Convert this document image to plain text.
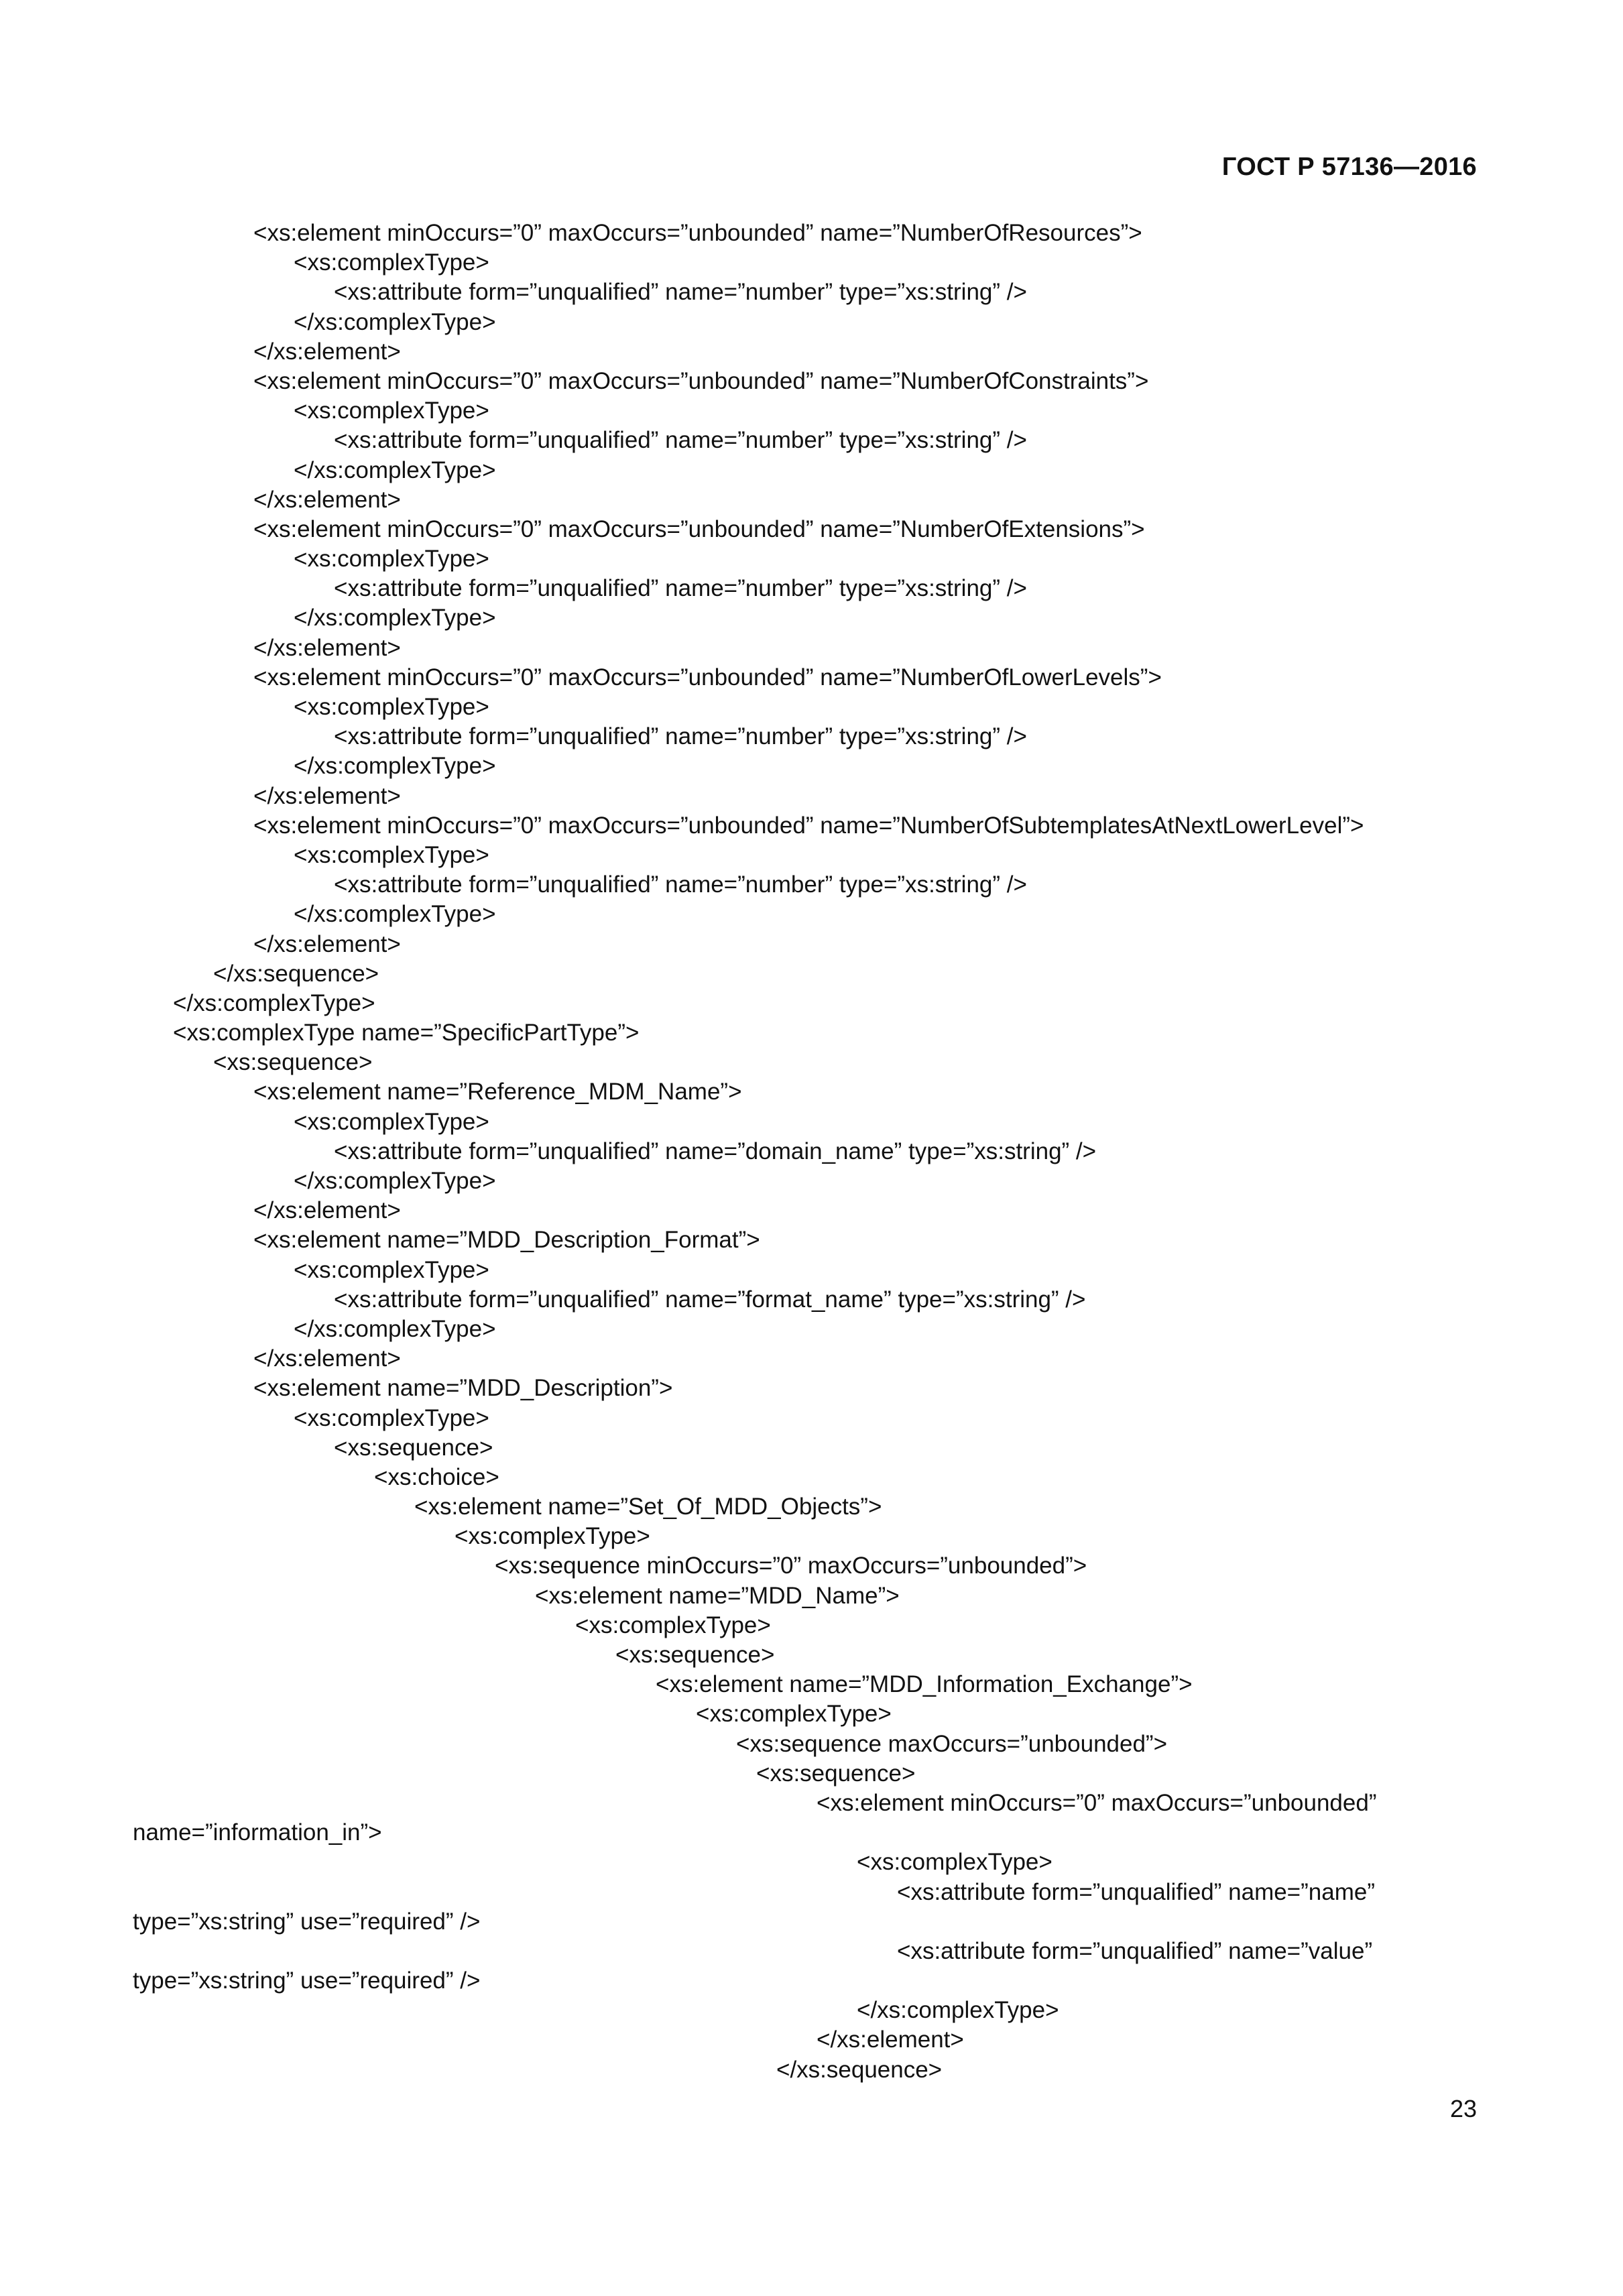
ГОСТ Р 57136—2016
<xs:element minOccurs=”0” maxOccurs=”unbounded” name=”NumberOfResources”>
<xs:complexType>
<xs:attribute form=”unqualified” name=”number” type=”xs:string” />
</xs:complexType>
</xs:element>
<xs:element minOccurs=”0” maxOccurs=”unbounded” name=”NumberOfConstraints”>
<xs:complexType>
<xs:attribute form=”unqualified” name=”number” type=”xs:string” />
</xs:complexType>
</xs:element>
<xs:element minOccurs=”0” maxOccurs=”unbounded” name=”NumberOfExtensions”>
<xs:complexType>
<xs:attribute form=”unqualified” name=”number” type=”xs:string” />
</xs:complexType>
</xs:element>
<xs:element minOccurs=”0” maxOccurs=”unbounded” name=”NumberOfLowerLevels”>
<xs:complexType>
<xs:attribute form=”unqualified” name=”number” type=”xs:string” />
</xs:complexType>
</xs:element>
<xs:element minOccurs=”0” maxOccurs=”unbounded” name=”NumberOfSubtemplatesAtNextLowerLevel”>
<xs:complexType>
<xs:attribute form=”unqualified” name=”number” type=”xs:string” />
</xs:complexType>
</xs:element>
</xs:sequence>
</xs:complexType>
<xs:complexType name=”SpecificPartType”>
<xs:sequence>
<xs:element name=”Reference_MDM_Name”>
<xs:complexType>
<xs:attribute form=”unqualified” name=”domain_name” type=”xs:string” />
</xs:complexType>
</xs:element>
<xs:element name=”MDD_Description_Format”>
<xs:complexType>
<xs:attribute form=”unqualified” name=”format_name” type=”xs:string” />
</xs:complexType>
</xs:element>
<xs:element name=”MDD_Description”>
<xs:complexType>
<xs:sequence>
<xs:choice>
<xs:element name=”Set_Of_MDD_Objects”>
<xs:complexType>
<xs:sequence minOccurs=”0” maxOccurs=”unbounded”>
<xs:element name=”MDD_Name”>
<xs:complexType>
<xs:sequence>
<xs:element name=”MDD_Information_Exchange”>
<xs:complexType>
<xs:sequence maxOccurs=”unbounded”>
<xs:sequence>
<xs:element minOccurs=”0” maxOccurs=”unbounded”
name=”information_in”>
<xs:complexType>
<xs:attribute form=”unqualified” name=”name”
type=”xs:string” use=”required” />
<xs:attribute form=”unqualified” name=”value”
type=”xs:string” use=”required” />
</xs:complexType>
</xs:element>
</xs:sequence>
23
